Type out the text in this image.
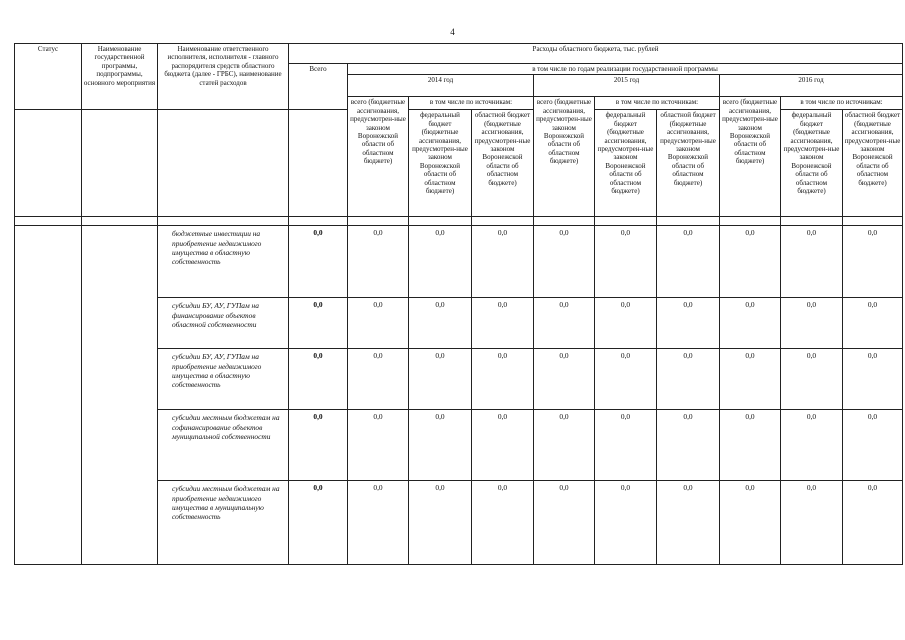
4
Статус	Наименование государственной программы, подпрограммы, основного мероприятия	Наименование ответственного исполнителя, исполнителя - главного распорядителя средств областного бюджета (далее - ГРБС), наименование статей расходов	Расходы областного бюджета, тыс. рублей									
			Всего	в том числе по годам реализации государственной программы								
				2014 год			2015 год			2016 год		
				всего (бюджетные ассигнования, предусмотрен-ные законом Воронежской области об областном бюджете)	в том числе по источникам:		всего (бюджетные ассигнования, предусмотрен-ные законом Воронежской области об областном бюджете)	в том числе по источникам:		всего (бюджетные ассигнования, предусмотрен-ные законом Воронежской области об областном бюджете)	в том числе по источникам:	
					федеральный бюджет (бюджетные ассигнования, предусмотрен-ные законом Воронежской области об областном бюджете)	областной бюджет (бюджетные ассигнования, предусмотрен-ные законом Воронежской области об областном бюджете)		федеральный бюджет (бюджетные ассигнования, предусмотрен-ные законом Воронежской области об областном бюджете)	областной бюджет (бюджетные ассигнования, предусмотрен-ные законом Воронежской области об областном бюджете)		федеральный бюджет (бюджетные ассигнования, предусмотрен-ные законом Воронежской области об областном бюджете)	областной бюджет (бюджетные ассигнования, предусмотрен-ные законом Воронежской области об областном бюджете)

		бюджетные инвестиции на приобретение недвижимого имущества в областную собственность	0,0	0,0	0,0	0,0	0,0	0,0	0,0	0,0	0,0	0,0
		субсидии БУ, АУ, ГУПам на финансирование объектов областной собственности	0,0	0,0	0,0	0,0	0,0	0,0	0,0	0,0	0,0	0,0
		субсидии БУ, АУ, ГУПам на приобретение недвижимого имущества в областную собственность	0,0	0,0	0,0	0,0	0,0	0,0	0,0	0,0	0,0	0,0
		субсидии местным бюджетам на софинансирование объектов муниципальной собственности	0,0	0,0	0,0	0,0	0,0	0,0	0,0	0,0	0,0	0,0
		субсидии местным бюджетам на приобретение недвижимого имущества в муниципальную собственность	0,0	0,0	0,0	0,0	0,0	0,0	0,0	0,0	0,0	0,0
